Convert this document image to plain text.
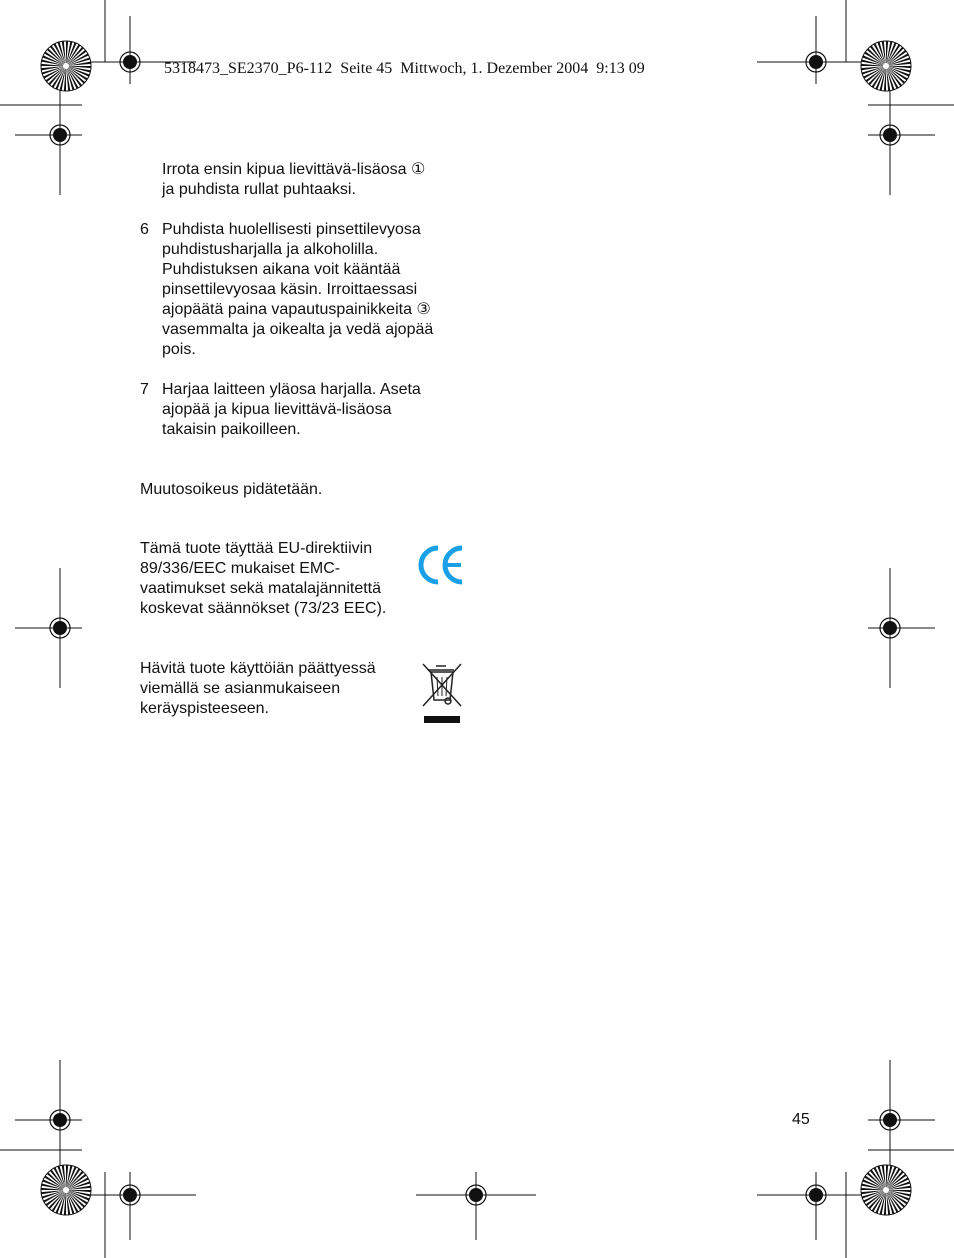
5318473_SE2370_P6-112  Seite 45  Mittwoch, 1. Dezember 2004  9:13 09
Irrota ensin kipua lievittävä-lisäosa ①
ja puhdista rullat puhtaaksi.
6 Puhdista huolellisesti pinsettilevyosa
puhdistusharjalla ja alkoholilla.
Puhdistuksen aikana voit kääntää
pinsettilevyosaa käsin. Irroittaessasi
ajopäätä paina vapautuspainikkeita ③
vasemmalta ja oikealta ja vedä ajopää
pois.
7 Harjaa laitteen yläosa harjalla. Aseta
ajopää ja kipua lievittävä-lisäosa
takaisin paikoilleen.
Muutosoikeus pidätetään.
Tämä tuote täyttää EU-direktiivin
89/336/EEC mukaiset EMC-
vaatimukset sekä matalajännitettä
koskevat säännökset (73/23 EEC).
Hävitä tuote käyttöiän päättyessä
viemällä se asianmukaiseen
keräyspisteeseen.
45
